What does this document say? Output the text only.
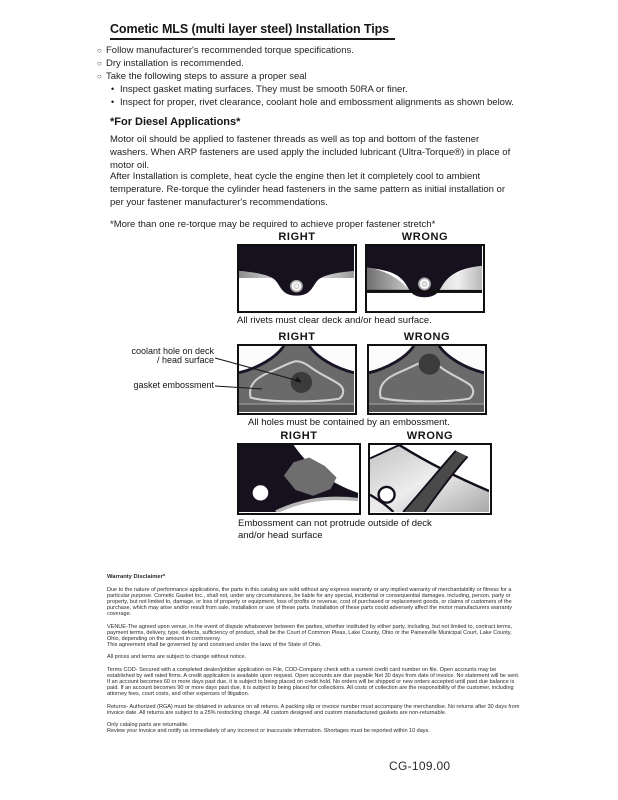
Cometic MLS (multi layer steel) Installation Tips
○ Follow manufacturer's recommended torque specifications.
○ Dry installation is recommended.
○ Take the following steps to assure a proper seal
• Inspect gasket mating surfaces. They must be smooth 50RA or finer.
• Inspect for proper, rivet clearance, coolant hole and embossment alignments as shown below.
*For Diesel Applications*

Motor oil should be applied to fastener threads as well as top and bottom of the fastener washers. When ARP fasteners are used apply the included lubricant (Ultra-Torque®) in place of motor oil.

After Installation is complete, heat cycle the engine then let it completely cool to ambient temperature. Re-torque the cylinder head fasteners in the same pattern as initial installation or per your fastener manufacturer's recommendations.

*More than one re-torque may be required to achieve proper fastener stretch*

RIGHT	WRONG
All rivets must clear deck and/or head surface.
RIGHT	WRONG
coolant hole on deck / head surface
gasket embossment
All holes must be contained by an embossment.
RIGHT	WRONG
Embossment can not protrude outside of deck and/or head surface

Warranty Disclaimer*

Due to the nature of performance applications, the parts in this catalog are sold without any express warranty or any implied warranty of merchantability or fitness for a particular purpose. Cometic Gasket Inc., shall not, under any circumstances, be liable for any special, incidental or consequential damages, including, person, party or property, but not limited to, damage, or loss of property or equipment, loss of profits or revenue, cost of purchased or replacement goods, or claims of customers of the purchase, which may arise and/or result from sale, installation or use of these parts. Installation of these parts could adversely affect the motor manufacturers warranty coverage.

VENUE-The agreed upon venue, in the event of dispute whatsoever between the parties, whether instituted by either party, including, but not limited to, contract terms, payment terms, delivery, type, defects, sufficiency of product, shall be the Court of Common Pleas, Lake County, Ohio or the Painesville Municipal Court, Lake County, Ohio, depending on the amount in controversy.

This agreement shall be governed by and construed under the laws of the State of Ohio.

All prices and terms are subject to change without notice.

Terms COD- Secured with a completed dealer/jobber application on File, COD-Company check with a current credit card number on file. Open accounts may be established by well rated firms. A credit application is available upon request. Open accounts are due payable Net 30 days from date of invoice. No statement will be sent. If an account becomes 60 or more days past due, it is subject to being placed on credit hold. No orders will be shipped or new orders accepted until past due balance is paid. If an account becomes 90 or more days past due, it is subject to being placed for collections. All costs of collection are the responsibility of the customer, including attorney fees, court costs, and other expenses of litigation.

Returns- Authorized (RGA) must be obtained in advance on all returns. A packing slip or invoice number must accompany the merchandise. No returns after 30 days from invoice date. All returns are subject to a 25% restocking charge. All custom designed and custom manufactured gaskets are non-returnable.

Only catalog parts are returnable.

Review your invoice and notify us immediately of any incorrect or inaccurate information. Shortages must be reported within 10 days.

CG-109.00
